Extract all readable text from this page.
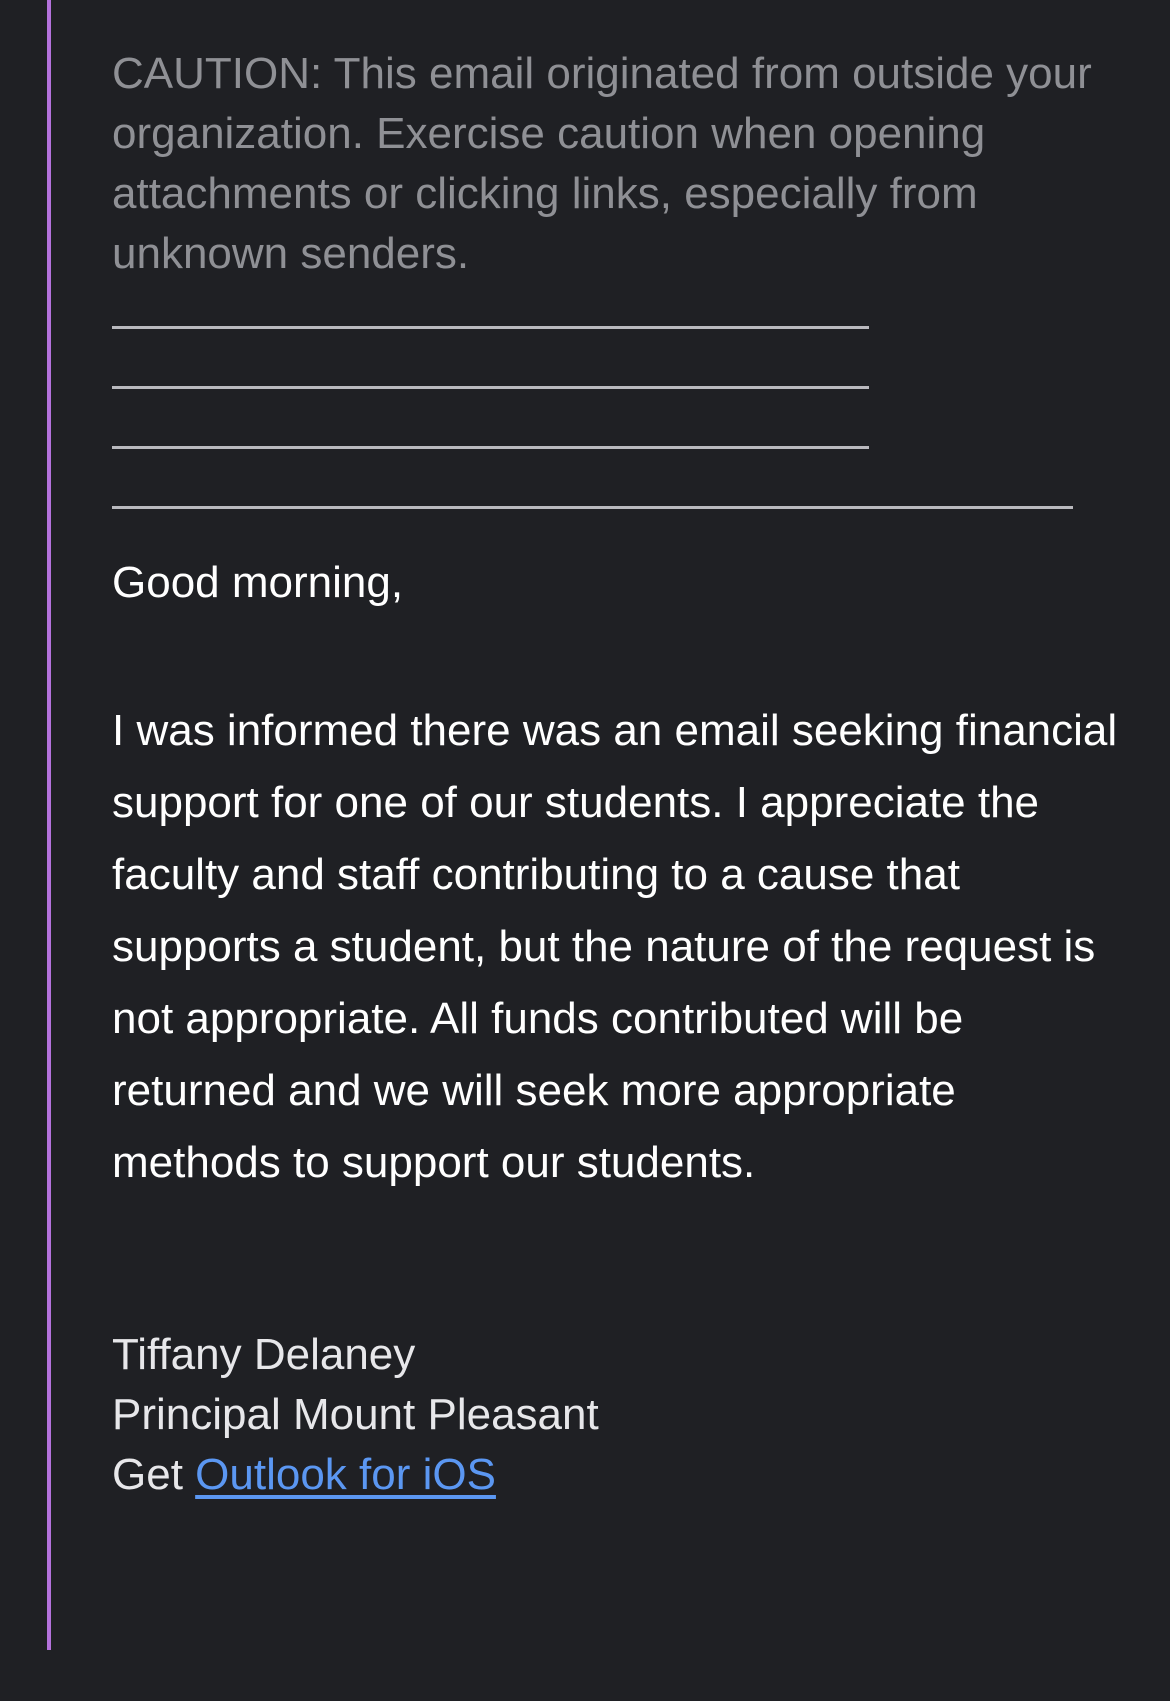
CAUTION: This email originated from outside your organization. Exercise caution when opening attachments or clicking links, especially from unknown senders.

Good morning,

I was informed there was an email seeking financial support for one of our students. I appreciate the faculty and staff contributing to a cause that supports a student, but the nature of the request is not appropriate. All funds contributed will be returned and we will seek more appropriate methods to support our students.

Tiffany Delaney
Principal Mount Pleasant
Get Outlook for iOS
